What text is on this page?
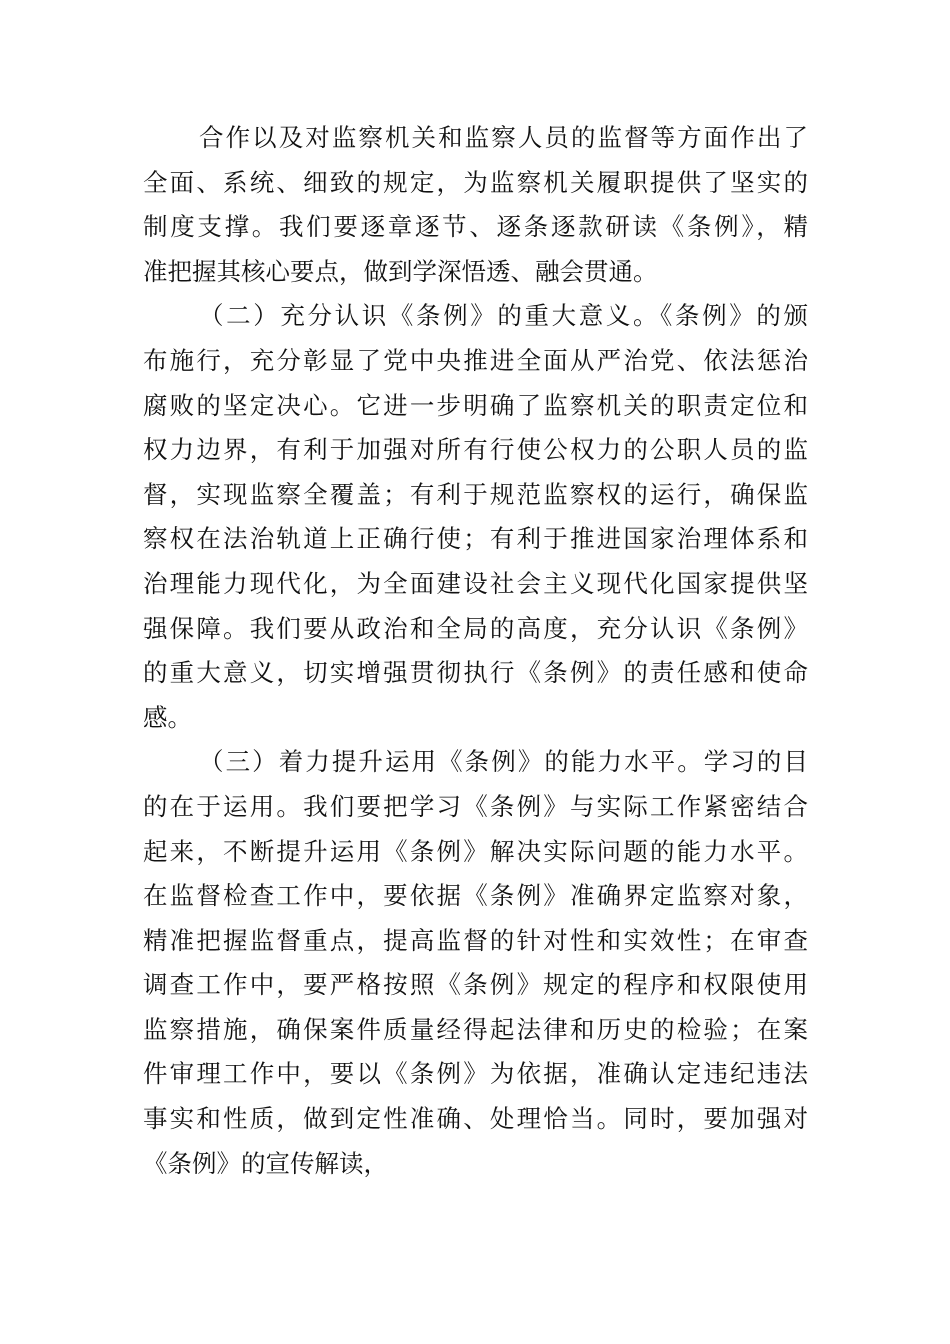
合作以及对监察机关和监察人员的监督等方面作出了
全面、系统、细致的规定，为监察机关履职提供了坚实的
制度支撑。我们要逐章逐节、逐条逐款研读《条例》，精
准把握其核心要点，做到学深悟透、融会贯通。
（二）充分认识《条例》的重大意义。《条例》的颁
布施行，充分彰显了党中央推进全面从严治党、依法惩治
腐败的坚定决心。它进一步明确了监察机关的职责定位和
权力边界，有利于加强对所有行使公权力的公职人员的监
督，实现监察全覆盖；有利于规范监察权的运行，确保监
察权在法治轨道上正确行使；有利于推进国家治理体系和
治理能力现代化，为全面建设社会主义现代化国家提供坚
强保障。我们要从政治和全局的高度，充分认识《条例》
的重大意义，切实增强贯彻执行《条例》的责任感和使命
感。
（三）着力提升运用《条例》的能力水平。学习的目
的在于运用。我们要把学习《条例》与实际工作紧密结合
起来，不断提升运用《条例》解决实际问题的能力水平。
在监督检查工作中，要依据《条例》准确界定监察对象，
精准把握监督重点，提高监督的针对性和实效性；在审查
调查工作中，要严格按照《条例》规定的程序和权限使用
监察措施，确保案件质量经得起法律和历史的检验；在案
件审理工作中，要以《条例》为依据，准确认定违纪违法
事实和性质，做到定性准确、处理恰当。同时，要加强对
《条例》的宣传解读，
